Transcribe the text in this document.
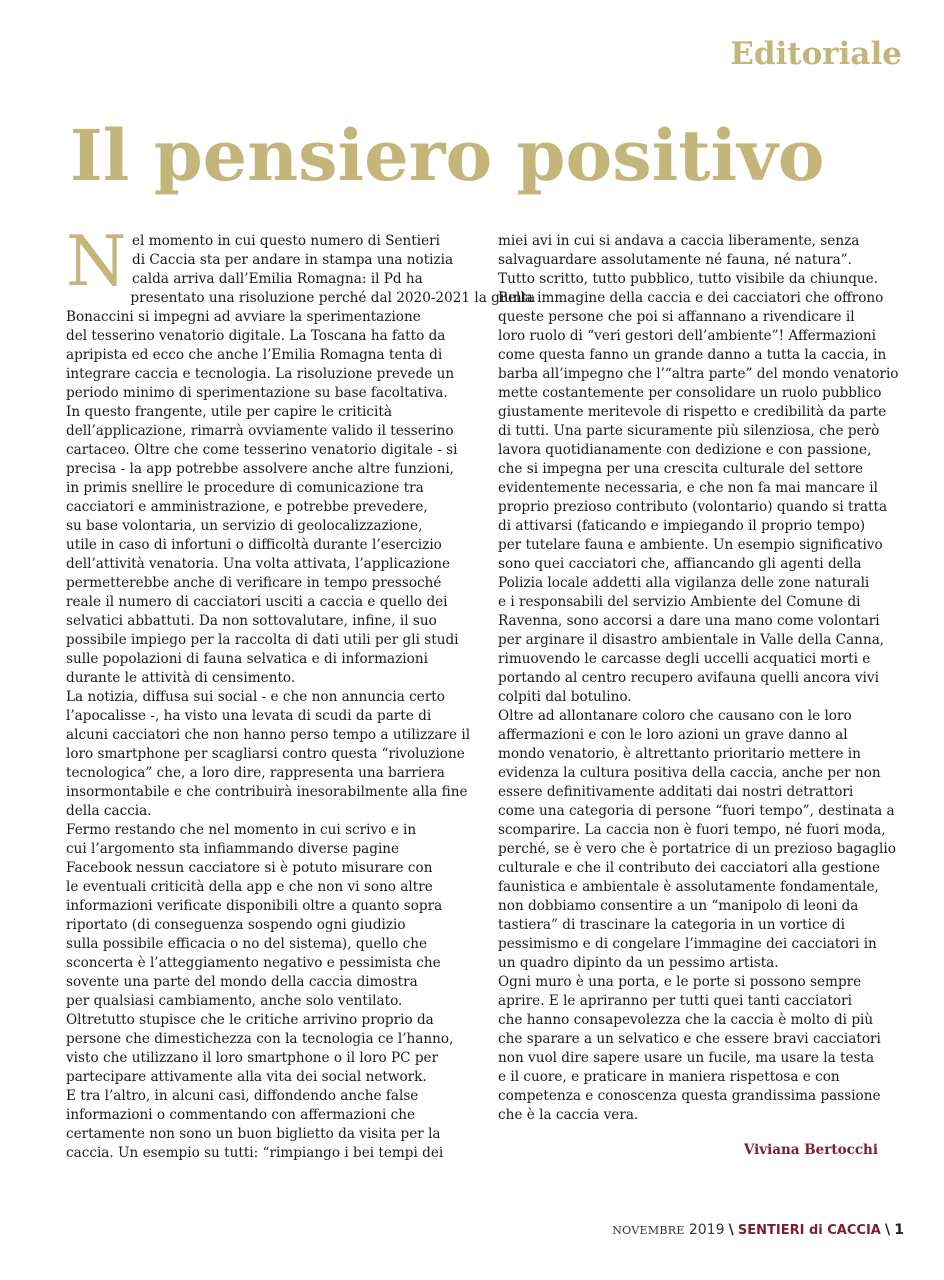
Editoriale
Il pensiero positivo
N el momento in cui questo numero di Sentieri
di Caccia sta per andare in stampa una notizia
calda arriva dall’Emilia Romagna: il Pd ha
presentato una risoluzione perché dal 2020-2021 la giunta
Bonaccini si impegni ad avviare la sperimentazione
del tesserino venatorio digitale. La Toscana ha fatto da
apripista ed ecco che anche l’Emilia Romagna tenta di
integrare caccia e tecnologia. La risoluzione prevede un
periodo minimo di sperimentazione su base facoltativa.
In questo frangente, utile per capire le criticità
dell’applicazione, rimarrà ovviamente valido il tesserino
cartaceo. Oltre che come tesserino venatorio digitale - si
precisa - la app potrebbe assolvere anche altre funzioni,
in primis snellire le procedure di comunicazione tra
cacciatori e amministrazione, e potrebbe prevedere,
su base volontaria, un servizio di geolocalizzazione,
utile in caso di infortuni o difficoltà durante l’esercizio
dell’attività venatoria. Una volta attivata, l’applicazione
permetterebbe anche di verificare in tempo pressoché
reale il numero di cacciatori usciti a caccia e quello dei
selvatici abbattuti. Da non sottovalutare, infine, il suo
possibile impiego per la raccolta di dati utili per gli studi
sulle popolazioni di fauna selvatica e di informazioni
durante le attività di censimento.
La notizia, diffusa sui social - e che non annuncia certo
l’apocalisse -, ha visto una levata di scudi da parte di
alcuni cacciatori che non hanno perso tempo a utilizzare il
loro smartphone per scagliarsi contro questa “rivoluzione
tecnologica” che, a loro dire, rappresenta una barriera
insormontabile e che contribuirà inesorabilmente alla fine
della caccia.
Fermo restando che nel momento in cui scrivo e in
cui l’argomento sta infiammando diverse pagine
Facebook nessun cacciatore si è potuto misurare con
le eventuali criticità della app e che non vi sono altre
informazioni verificate disponibili oltre a quanto sopra
riportato (di conseguenza sospendo ogni giudizio
sulla possibile efficacia o no del sistema), quello che
sconcerta è l’atteggiamento negativo e pessimista che
sovente una parte del mondo della caccia dimostra
per qualsiasi cambiamento, anche solo ventilato.
Oltretutto stupisce che le critiche arrivino proprio da
persone che dimestichezza con la tecnologia ce l’hanno,
visto che utilizzano il loro smartphone o il loro PC per
partecipare attivamente alla vita dei social network.
E tra l’altro, in alcuni casi, diffondendo anche false
informazioni o commentando con affermazioni che
certamente non sono un buon biglietto da visita per la
caccia. Un esempio su tutti: “rimpiango i bei tempi dei
miei avi in cui si andava a caccia liberamente, senza
salvaguardare assolutamente né fauna, né natura”.
Tutto scritto, tutto pubblico, tutto visibile da chiunque.
Bella immagine della caccia e dei cacciatori che offrono
queste persone che poi si affannano a rivendicare il
loro ruolo di “veri gestori dell’ambiente”! Affermazioni
come questa fanno un grande danno a tutta la caccia, in
barba all’impegno che l’“altra parte” del mondo venatorio
mette costantemente per consolidare un ruolo pubblico
giustamente meritevole di rispetto e credibilità da parte
di tutti. Una parte sicuramente più silenziosa, che però
lavora quotidianamente con dedizione e con passione,
che si impegna per una crescita culturale del settore
evidentemente necessaria, e che non fa mai mancare il
proprio prezioso contributo (volontario) quando si tratta
di attivarsi (faticando e impiegando il proprio tempo)
per tutelare fauna e ambiente. Un esempio significativo
sono quei cacciatori che, affiancando gli agenti della
Polizia locale addetti alla vigilanza delle zone naturali
e i responsabili del servizio Ambiente del Comune di
Ravenna, sono accorsi a dare una mano come volontari
per arginare il disastro ambientale in Valle della Canna,
rimuovendo le carcasse degli uccelli acquatici morti e
portando al centro recupero avifauna quelli ancora vivi
colpiti dal botulino.
Oltre ad allontanare coloro che causano con le loro
affermazioni e con le loro azioni un grave danno al
mondo venatorio, è altrettanto prioritario mettere in
evidenza la cultura positiva della caccia, anche per non
essere definitivamente additati dai nostri detrattori
come una categoria di persone “fuori tempo”, destinata a
scomparire. La caccia non è fuori tempo, né fuori moda,
perché, se è vero che è portatrice di un prezioso bagaglio
culturale e che il contributo dei cacciatori alla gestione
faunistica e ambientale è assolutamente fondamentale,
non dobbiamo consentire a un “manipolo di leoni da
tastiera” di trascinare la categoria in un vortice di
pessimismo e di congelare l’immagine dei cacciatori in
un quadro dipinto da un pessimo artista.
Ogni muro è una porta, e le porte si possono sempre
aprire. E le apriranno per tutti quei tanti cacciatori
che hanno consapevolezza che la caccia è molto di più
che sparare a un selvatico e che essere bravi cacciatori
non vuol dire sapere usare un fucile, ma usare la testa
e il cuore, e praticare in maniera rispettosa e con
competenza e conoscenza questa grandissima passione
che è la caccia vera.
Viviana Bertocchi
NOVEMBRE 2019 \ SENTIERI di CACCIA \ 1
